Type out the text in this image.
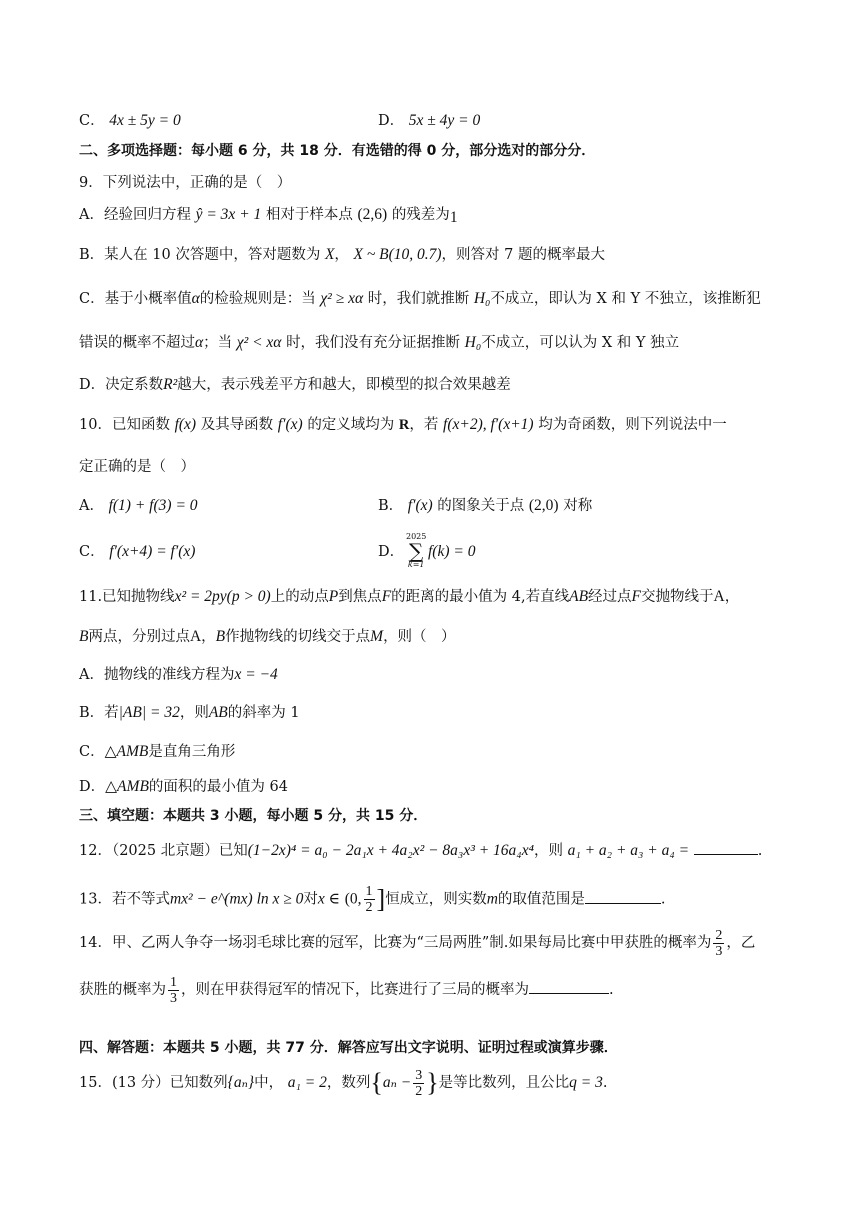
C． 4x ± 5y = 0	D． 5x ± 4y = 0
二、多项选择题：每小题 6 分，共 18 分．有选错的得 0 分，部分选对的部分分．
9．下列说法中，正确的是（　）
A．经验回归方程 ŷ = 3x + 1 相对于样本点 (2,6) 的残差为1
B．某人在 10 次答题中，答对题数为 X， X ~ B(10, 0.7)，则答对 7 题的概率最大
C．基于小概率值α的检验规则是：当 χ² ≥ xα 时，我们就推断 H₀不成立，即认为 X 和 Y 不独立，该推断犯
错误的概率不超过α；当 χ² < xα 时，我们没有充分证据推断 H₀不成立，可以认为 X 和 Y 独立
D．决定系数R²越大，表示残差平方和越大，即模型的拟合效果越差
10．已知函数 f(x) 及其导函数 f′(x) 的定义域均为 R，若 f(x+2), f′(x+1) 均为奇函数，则下列说法中一
定正确的是（　）
A． f(1) + f(3) = 0	B． f′(x) 的图象关于点 (2,0) 对称
C． f′(x+4) = f′(x)	D．
2025
∑
k=1
f(k) = 0
11.已知抛物线x² = 2py(p > 0)上的动点P到焦点F的距离的最小值为 4,若直线AB经过点F交抛物线于A，
B两点，分别过点A，B作抛物线的切线交于点M，则（　）
A．抛物线的准线方程为x = −4
B．若|AB| = 32，则AB的斜率为 1
C．△AMB是直角三角形
D．△AMB的面积的最小值为 64
三、填空题：本题共 3 小题，每小题 5 分，共 15 分．
12．（2025 北京题）已知(1−2x)⁴ = a₀ − 2a₁x + 4a₂x² − 8a₃x³ + 16a₄x⁴，则 a₁ + a₂ + a₃ + a₄ =	.
13．若不等式mx² − e^(mx) ln x ≥ 0对x ∈ (0, $\frac{1}{2}$ ]恒成立，则实数m的取值范围是	.
14．甲、乙两人争夺一场羽毛球比赛的冠军，比赛为“三局两胜”制.如果每局比赛中甲获胜的概率为 $\frac{2}{3}$ ，乙
获胜的概率为 $\frac{1}{3}$ ，则在甲获得冠军的情况下，比赛进行了三局的概率为	.
四、解答题：本题共 5 小题，共 77 分．解答应写出文字说明、证明过程或演算步骤．
15．(13 分）已知数列{aₙ}中， a₁ = 2，数列{$a_n - \frac{3}{2}$ }是等比数列，且公比q = 3.
